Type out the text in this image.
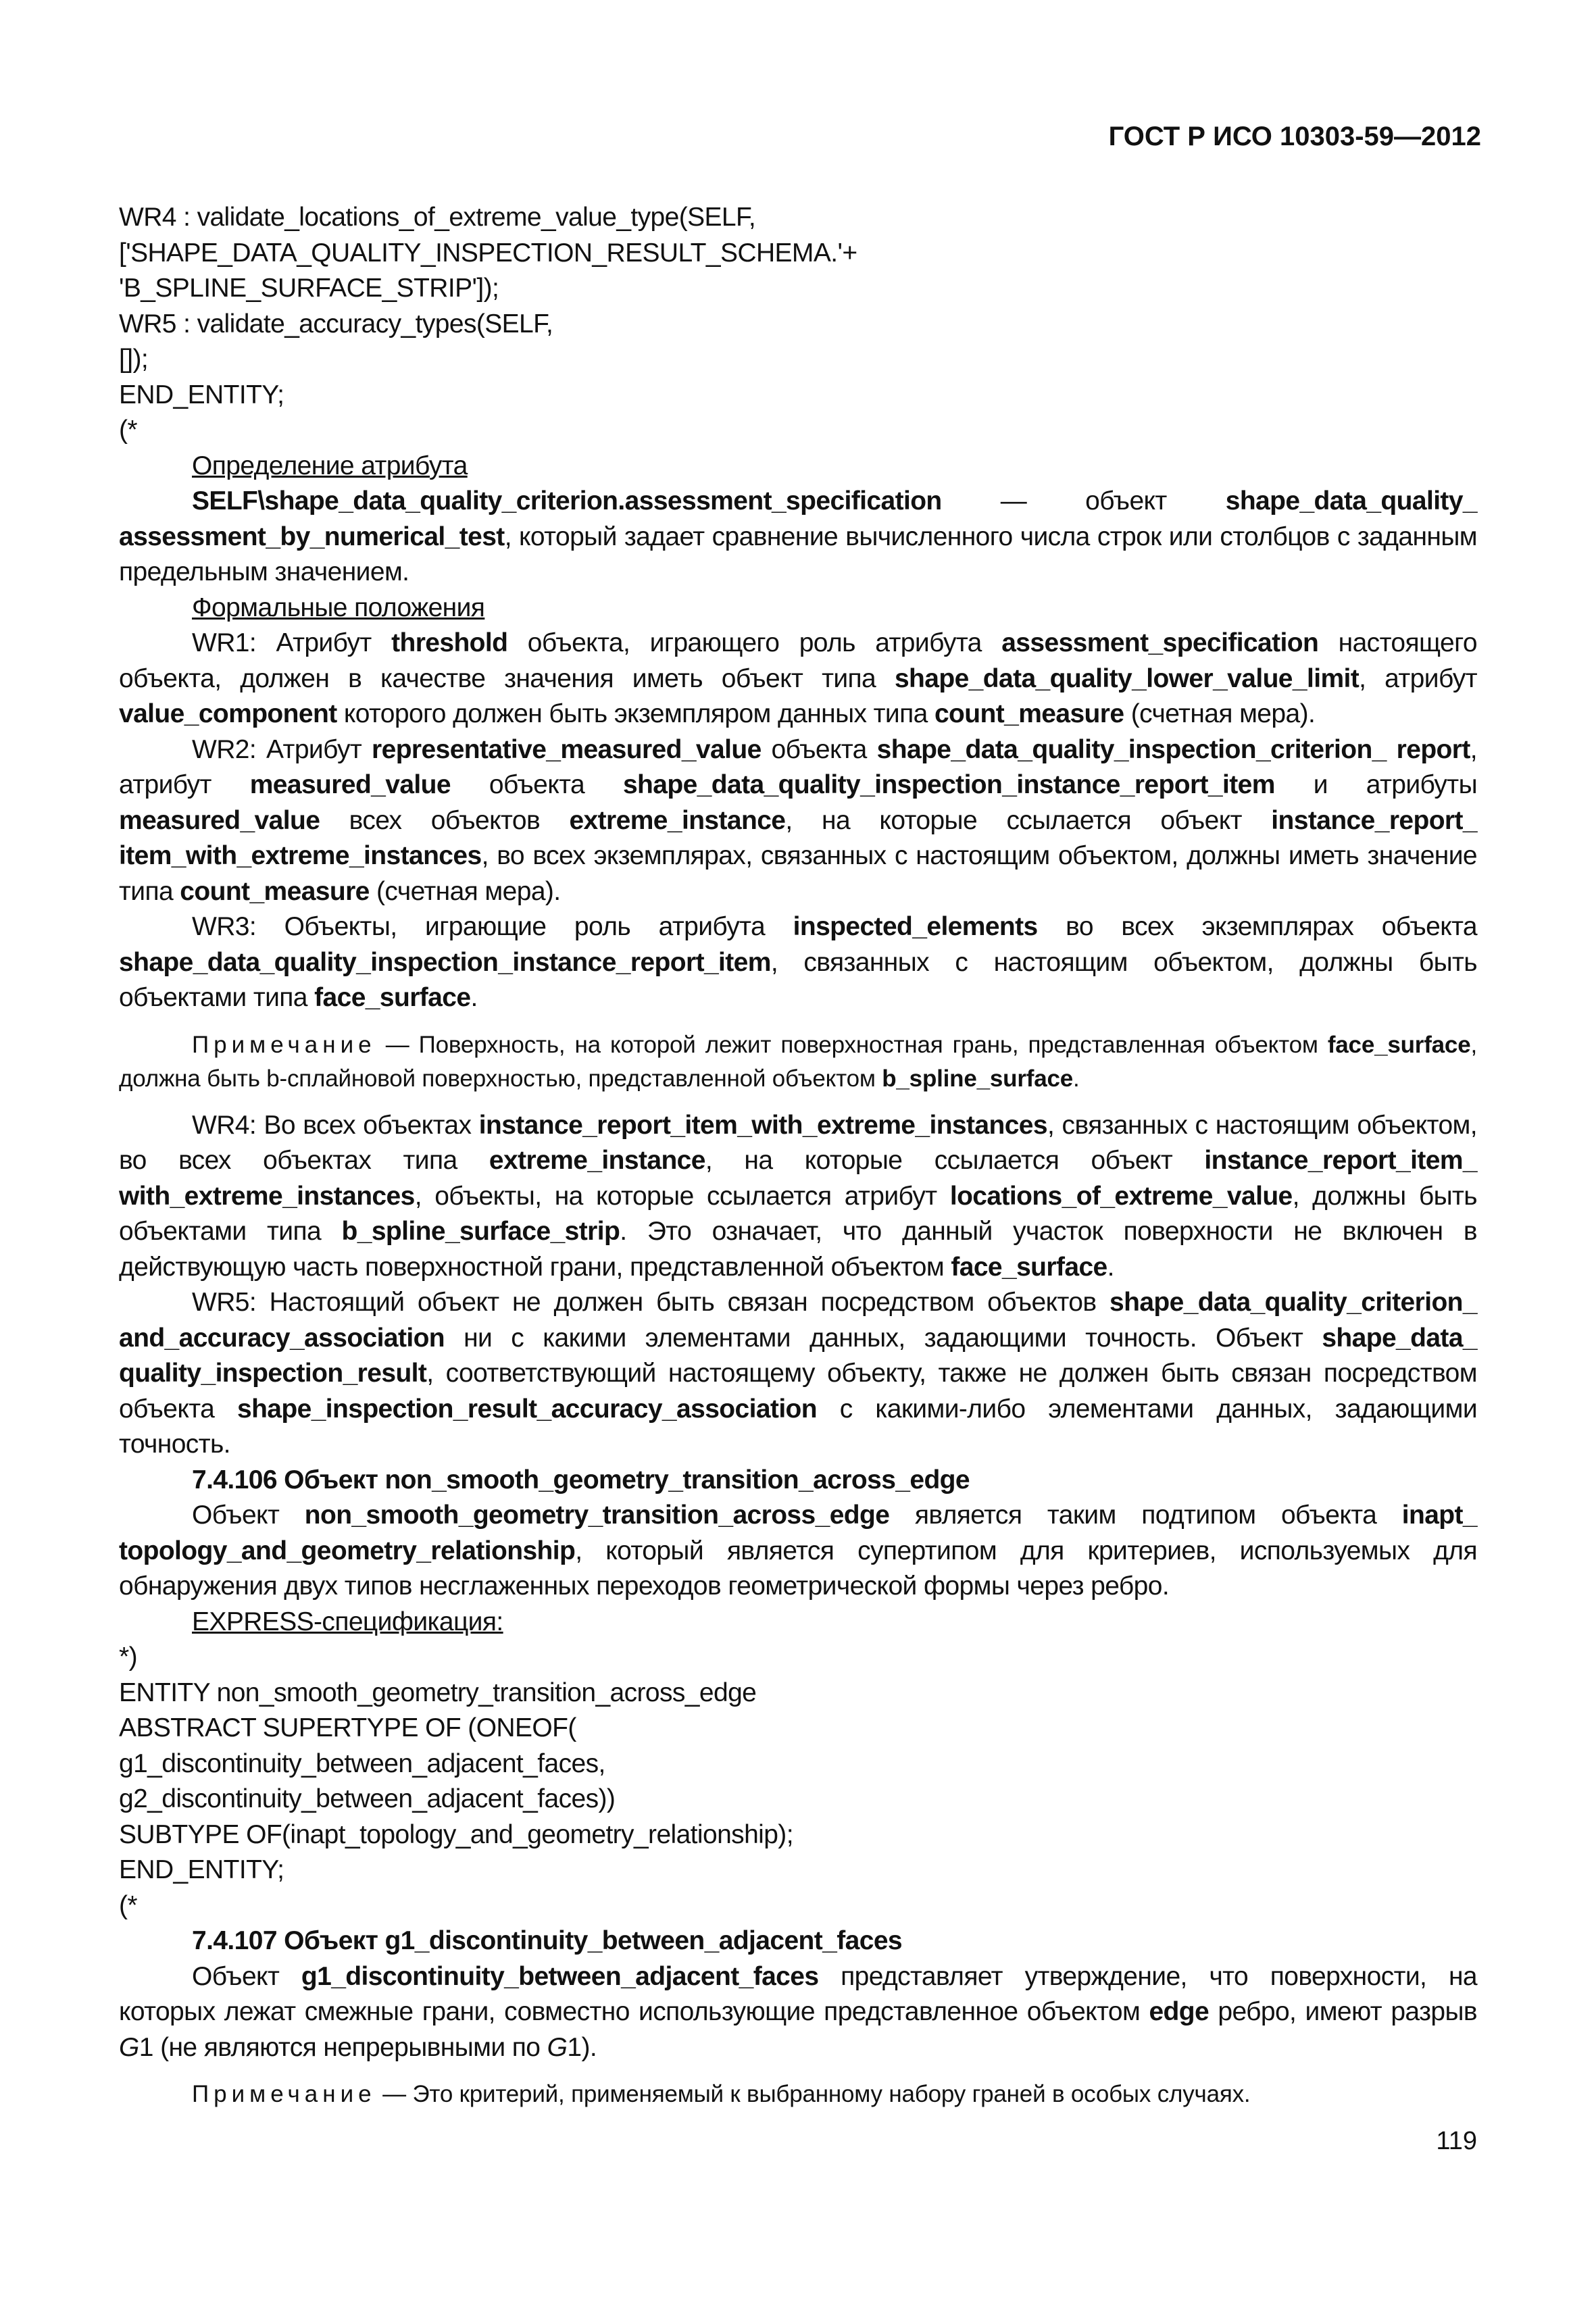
ГОСТ Р ИСО 10303-59—2012

WR4 : validate_locations_of_extreme_value_type(SELF,

['SHAPE_DATA_QUALITY_INSPECTION_RESULT_SCHEMA.'+

'B_SPLINE_SURFACE_STRIP']);

WR5 : validate_accuracy_types(SELF,

[]);

END_ENTITY;

(*

Определение атрибута

SELF\shape_data_quality_criterion.assessment_specification — объект shape_data_quality_ assessment_by_numerical_test, который задает сравнение вычисленного числа строк или столбцов с заданным предельным значением.

Формальные положения

WR1: Атрибут threshold объекта, играющего роль атрибута assessment_specification настоящего объекта, должен в качестве значения иметь объект типа shape_data_quality_lower_value_limit, атрибут value_component которого должен быть экземпляром данных типа count_measure (счетная мера).

WR2: Атрибут representative_measured_value объекта shape_data_quality_inspection_criterion_ report, атрибут measured_value объекта shape_data_quality_inspection_instance_report_item и атрибуты measured_value всех объектов extreme_instance, на которые ссылается объект instance_report_ item_with_extreme_instances, во всех экземплярах, связанных с настоящим объектом, должны иметь значение типа count_measure (счетная мера).

WR3: Объекты, играющие роль атрибута inspected_elements во всех экземплярах объекта shape_data_quality_inspection_instance_report_item, связанных с настоящим объектом, должны быть объектами типа face_surface.

Примечание — Поверхность, на которой лежит поверхностная грань, представленная объектом face_surface, должна быть b-сплайновой поверхностью, представленной объектом b_spline_surface.

WR4: Во всех объектах instance_report_item_with_extreme_instances, связанных с настоящим объектом, во всех объектах типа extreme_instance, на которые ссылается объект instance_report_item_ with_extreme_instances, объекты, на которые ссылается атрибут locations_of_extreme_value, должны быть объектами типа b_spline_surface_strip. Это означает, что данный участок поверхности не включен в действующую часть поверхностной грани, представленной объектом face_surface.

WR5: Настоящий объект не должен быть связан посредством объектов shape_data_quality_criterion_ and_accuracy_association ни с какими элементами данных, задающими точность. Объект shape_data_ quality_inspection_result, соответствующий настоящему объекту, также не должен быть связан посредством объекта shape_inspection_result_accuracy_association с какими-либо элементами данных, задающими точность.

7.4.106 Объект non_smooth_geometry_transition_across_edge

Объект non_smooth_geometry_transition_across_edge является таким подтипом объекта inapt_ topology_and_geometry_relationship, который является супертипом для критериев, используемых для обнаружения двух типов несглаженных переходов геометрической формы через ребро.

EXPRESS-спецификация:

*)

ENTITY non_smooth_geometry_transition_across_edge

ABSTRACT SUPERTYPE OF (ONEOF(

g1_discontinuity_between_adjacent_faces,

g2_discontinuity_between_adjacent_faces))

SUBTYPE OF(inapt_topology_and_geometry_relationship);

END_ENTITY;

(*

7.4.107 Объект g1_discontinuity_between_adjacent_faces

Объект g1_discontinuity_between_adjacent_faces представляет утверждение, что поверхности, на которых лежат смежные грани, совместно использующие представленное объектом edge ребро, имеют разрыв G1 (не являются непрерывными по G1).

Примечание — Это критерий, применяемый к выбранному набору граней в особых случаях.

119
